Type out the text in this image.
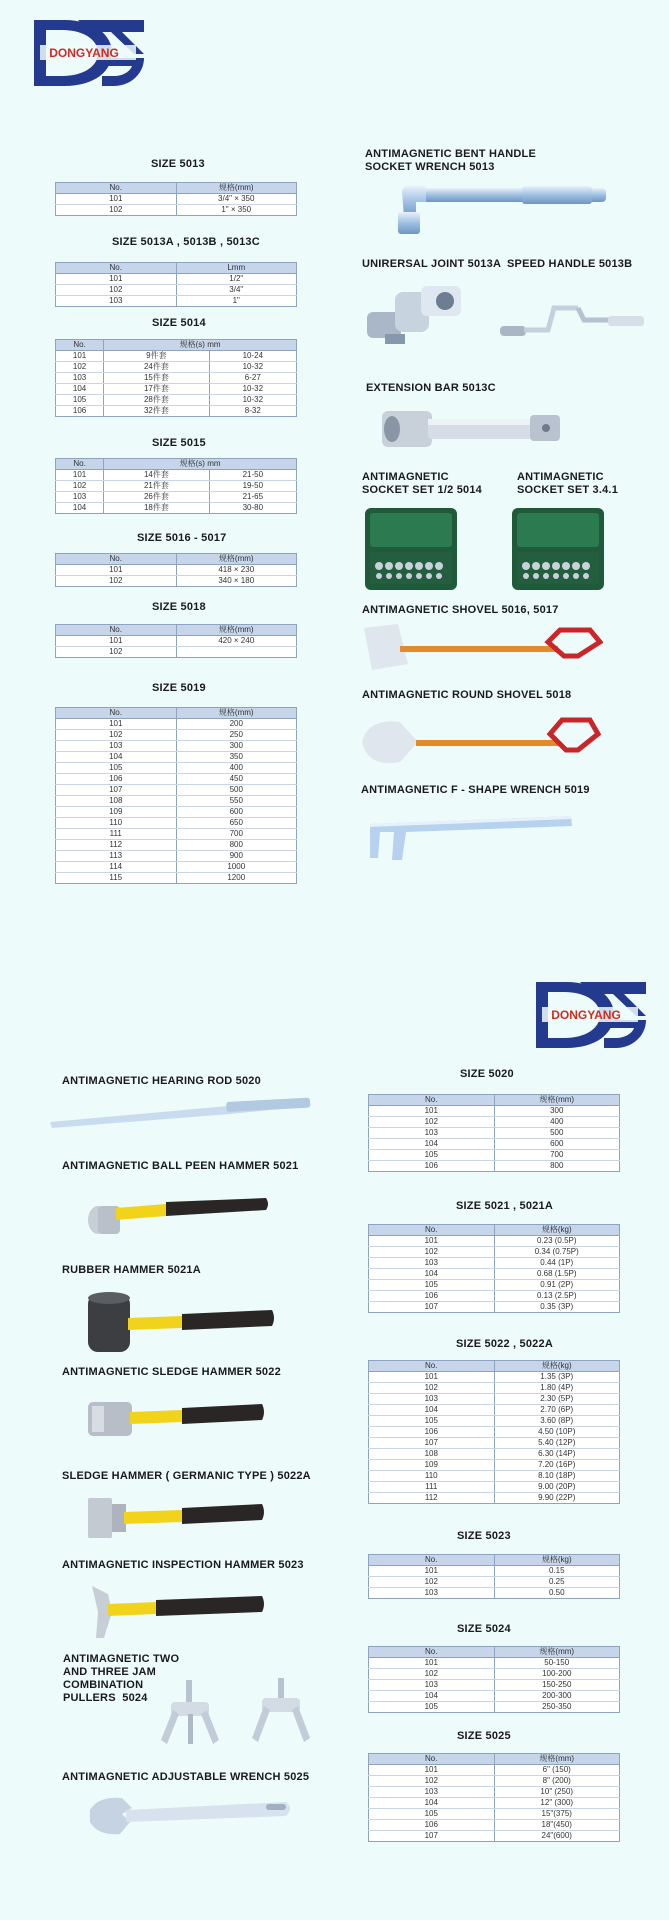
DONGYANG
SIZE 5013
No.	规格(mm)
101	3/4" × 350
102	1" × 350
SIZE 5013A , 5013B , 5013C
No.	Lmm
101	1/2"
102	3/4"
103	1"
SIZE 5014
No.	规格(s) mm	
101	9件套	10-24
102	24件套	10-32
103	15件套	6-27
104	17件套	10-32
105	28件套	10-32
106	32件套	8-32
SIZE 5015
No.	规格(s) mm	
101	14件套	21-50
102	21件套	19-50
103	26件套	21-65
104	18件套	30-80
SIZE 5016 - 5017
No.	规格(mm)
101	418 × 230
102	340 × 180
SIZE 5018
No.	规格(mm)
101	420 × 240
102	
SIZE 5019
No.	规格(mm)
101	200
102	250
103	300
104	350
105	400
106	450
107	500
108	550
109	600
110	650
111	700
112	800
113	900
114	1000
115	1200
ANTIMAGNETIC BENT HANDLE
SOCKET WRENCH 5013
UNIRERSAL JOINT 5013A SPEED HANDLE 5013B
EXTENSION BAR 5013C
ANTIMAGNETIC
SOCKET SET 1/2 5014
ANTIMAGNETIC
SOCKET SET 3.4.1
ANTIMAGNETIC SHOVEL 5016, 5017
ANTIMAGNETIC ROUND SHOVEL 5018
ANTIMAGNETIC F - SHAPE WRENCH 5019
DONGYANG
ANTIMAGNETIC HEARING ROD 5020
ANTIMAGNETIC BALL PEEN HAMMER 5021
RUBBER HAMMER 5021A
ANTIMAGNETIC SLEDGE HAMMER 5022
SLEDGE HAMMER ( GERMANIC TYPE ) 5022A
ANTIMAGNETIC INSPECTION HAMMER 5023
ANTIMAGNETIC TWO
AND THREE JAM
COMBINATION
PULLERS  5024
ANTIMAGNETIC ADJUSTABLE WRENCH 5025
SIZE 5020
No.	规格(mm)
101	300
102	400
103	500
104	600
105	700
106	800
SIZE 5021 , 5021A
No.	规格(kg)
101	0.23 (0.5P)
102	0.34 (0.75P)
103	0.44 (1P)
104	0.68 (1.5P)
105	0.91 (2P)
106	0.13 (2.5P)
107	0.35 (3P)
SIZE 5022 , 5022A
No.	规格(kg)
101	1.35 (3P)
102	1.80 (4P)
103	2.30 (5P)
104	2.70 (6P)
105	3.60 (8P)
106	4.50 (10P)
107	5.40 (12P)
108	6.30 (14P)
109	7.20 (16P)
110	8.10 (18P)
111	9.00 (20P)
112	9.90 (22P)
SIZE 5023
No.	规格(kg)
101	0.15
102	0.25
103	0.50
SIZE 5024
No.	规格(mm)
101	50-150
102	100-200
103	150-250
104	200-300
105	250-350
SIZE 5025
No.	规格(mm)
101	6" (150)
102	8" (200)
103	10" (250)
104	12" (300)
105	15"(375)
106	18"(450)
107	24"(600)
